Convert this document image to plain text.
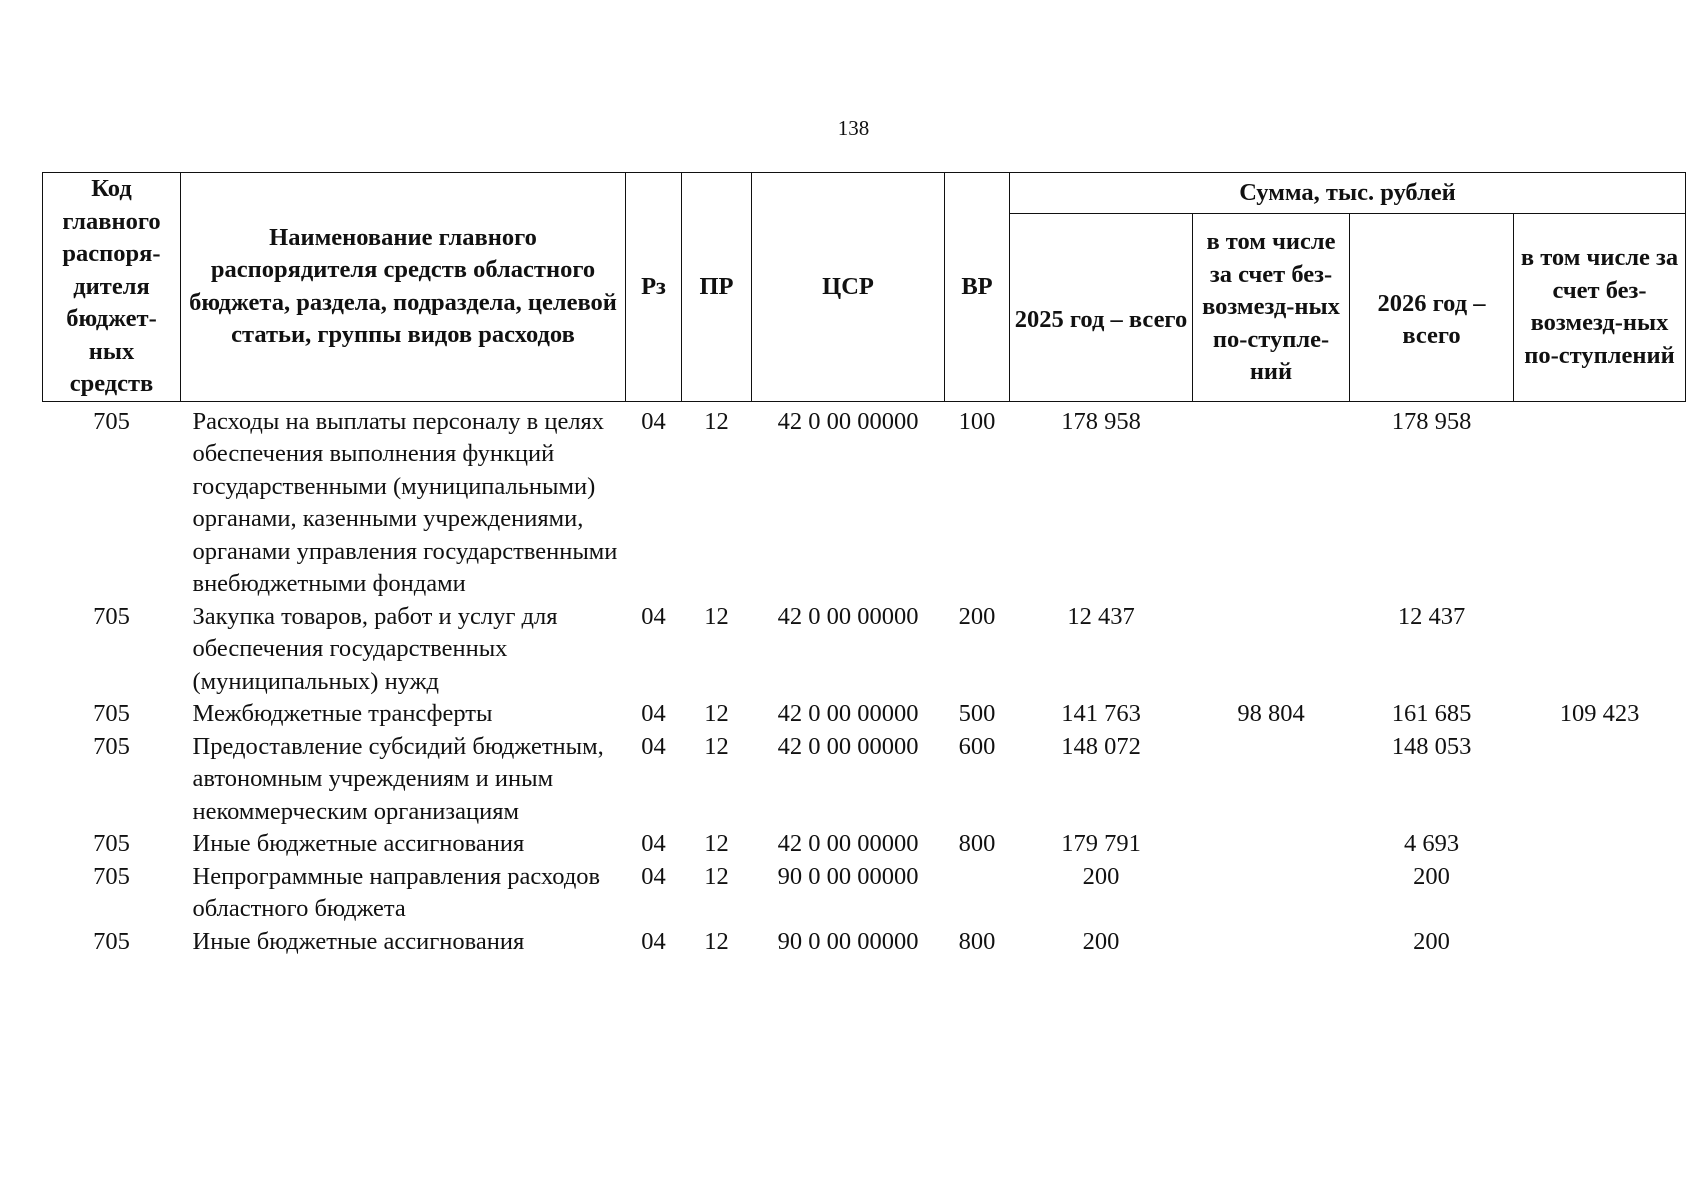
138
Код главного распоря-дителя бюджет-ных средств	Наименование главного распорядителя средств областного бюджета, раздела, подраздела, целевой статьи, группы видов расходов	Рз	ПР	ЦСР	ВР	Сумма, тыс. рублей			
						2025 год – всего	в том числе за счет без-возмезд-ных по-ступле-ний	2026 год – всего	в том числе за счет без-возмезд-ных по-ступлений
705	Расходы на выплаты персоналу в целях обеспечения выполнения функций государственными (муниципальными) органами, казенными учреждениями, органами управления государственными внебюджетными фондами	04	12	42 0 00 00000	100	178 958		178 958	
705	Закупка товаров, работ и услуг для обеспечения государственных (муниципальных) нужд	04	12	42 0 00 00000	200	12 437		12 437	
705	Межбюджетные трансферты	04	12	42 0 00 00000	500	141 763	98 804	161 685	109 423
705	Предоставление субсидий бюджетным, автономным учреждениям и иным некоммерческим организациям	04	12	42 0 00 00000	600	148 072		148 053	
705	Иные бюджетные ассигнования	04	12	42 0 00 00000	800	179 791		4 693	
705	Непрограммные направления расходов областного бюджета	04	12	90 0 00 00000		200		200	
705	Иные бюджетные ассигнования	04	12	90 0 00 00000	800	200		200	
